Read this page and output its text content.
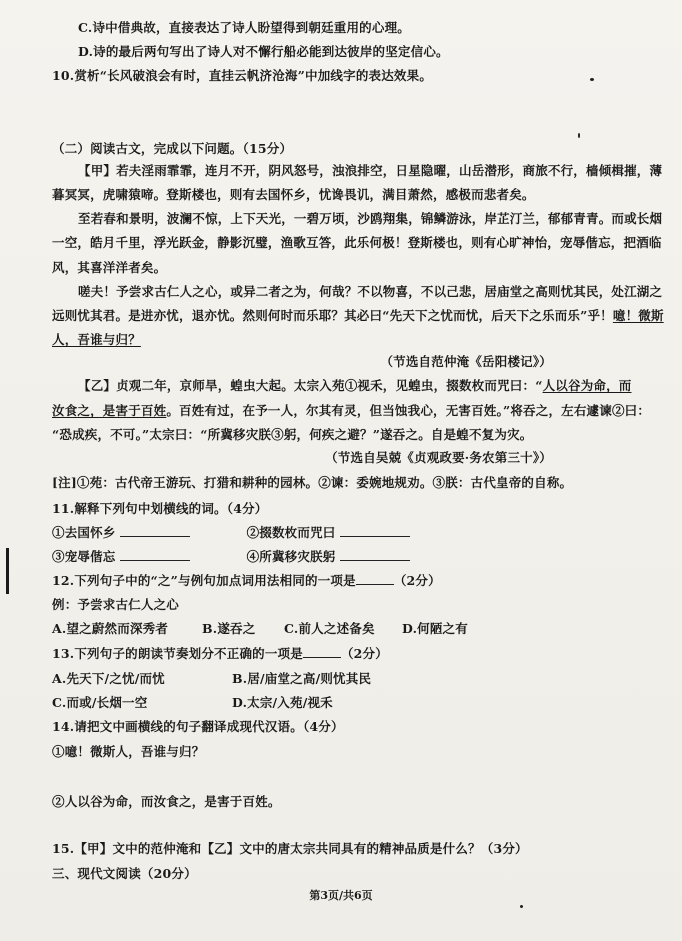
C.诗中借典故，直接表达了诗人盼望得到朝廷重用的心理。
D.诗的最后两句写出了诗人对不懈行船必能到达彼岸的坚定信心。
10.赏析“长风破浪会有时，直挂云帆济沧海”中加线字的表达效果。
（二）阅读古文，完成以下问题。（15分）
【甲】若夫淫雨霏霏，连月不开，阴风怒号，浊浪排空，日星隐曜，山岳潜形，商旅不行，樯倾楫摧，薄
暮冥冥，虎啸猿啼。登斯楼也，则有去国怀乡，忧谗畏讥，满目萧然，感极而悲者矣。
至若春和景明，波澜不惊，上下天光，一碧万顷，沙鸥翔集，锦鳞游泳，岸芷汀兰，郁郁青青。而或长烟
一空，皓月千里，浮光跃金，静影沉璧，渔歌互答，此乐何极！登斯楼也，则有心旷神怡，宠辱偕忘，把酒临
风，其喜洋洋者矣。
嗟夫！予尝求古仁人之心，或异二者之为，何哉？不以物喜，不以己悲，居庙堂之高则忧其民，处江湖之
远则忧其君。是进亦忧，退亦忧。然则何时而乐耶？其必曰“先天下之忧而忧，后天下之乐而乐”乎！噫！微斯
人，吾谁与归？
（节选自范仲淹《岳阳楼记》）
【乙】贞观二年，京师旱，蝗虫大起。太宗入苑①视禾，见蝗虫，掇数枚而咒曰：“人以谷为命，而
汝食之，是害于百姓。百姓有过，在予一人，尔其有灵，但当蚀我心，无害百姓。”将吞之，左右遽谏②曰：
“恐成疾，不可。”太宗曰：“所冀移灾朕③躬，何疾之避？”遂吞之。自是蝗不复为灾。
（节选自吴兢《贞观政要·务农第三十》）
[注]①苑：古代帝王游玩、打猎和耕种的园林。②谏：委婉地规劝。③朕：古代皇帝的自称。
11.解释下列句中划横线的词。（4分）
①去国怀乡	②掇数枚而咒曰
③宠辱偕忘	④所冀移灾朕躬
12.下列句子中的“之”与例句加点词用法相同的一项是	（2分）
例：予尝求古仁人之心
A.望之蔚然而深秀者	B.遂吞之 C.前人之述备矣 D.何陋之有
13.下列句子的朗读节奏划分不正确的一项是	（2分）
A.先天下/之忧/而忧	B.居/庙堂之高/则忧其民
C.而或/长烟一空	D.太宗/入苑/视禾
14.请把文中画横线的句子翻译成现代汉语。（4分）
①噫！微斯人，吾谁与归？
②人以谷为命，而汝食之，是害于百姓。
15.【甲】文中的范仲淹和【乙】文中的唐太宗共同具有的精神品质是什么？（3分）
三、现代文阅读（20分）
第3页/共6页
